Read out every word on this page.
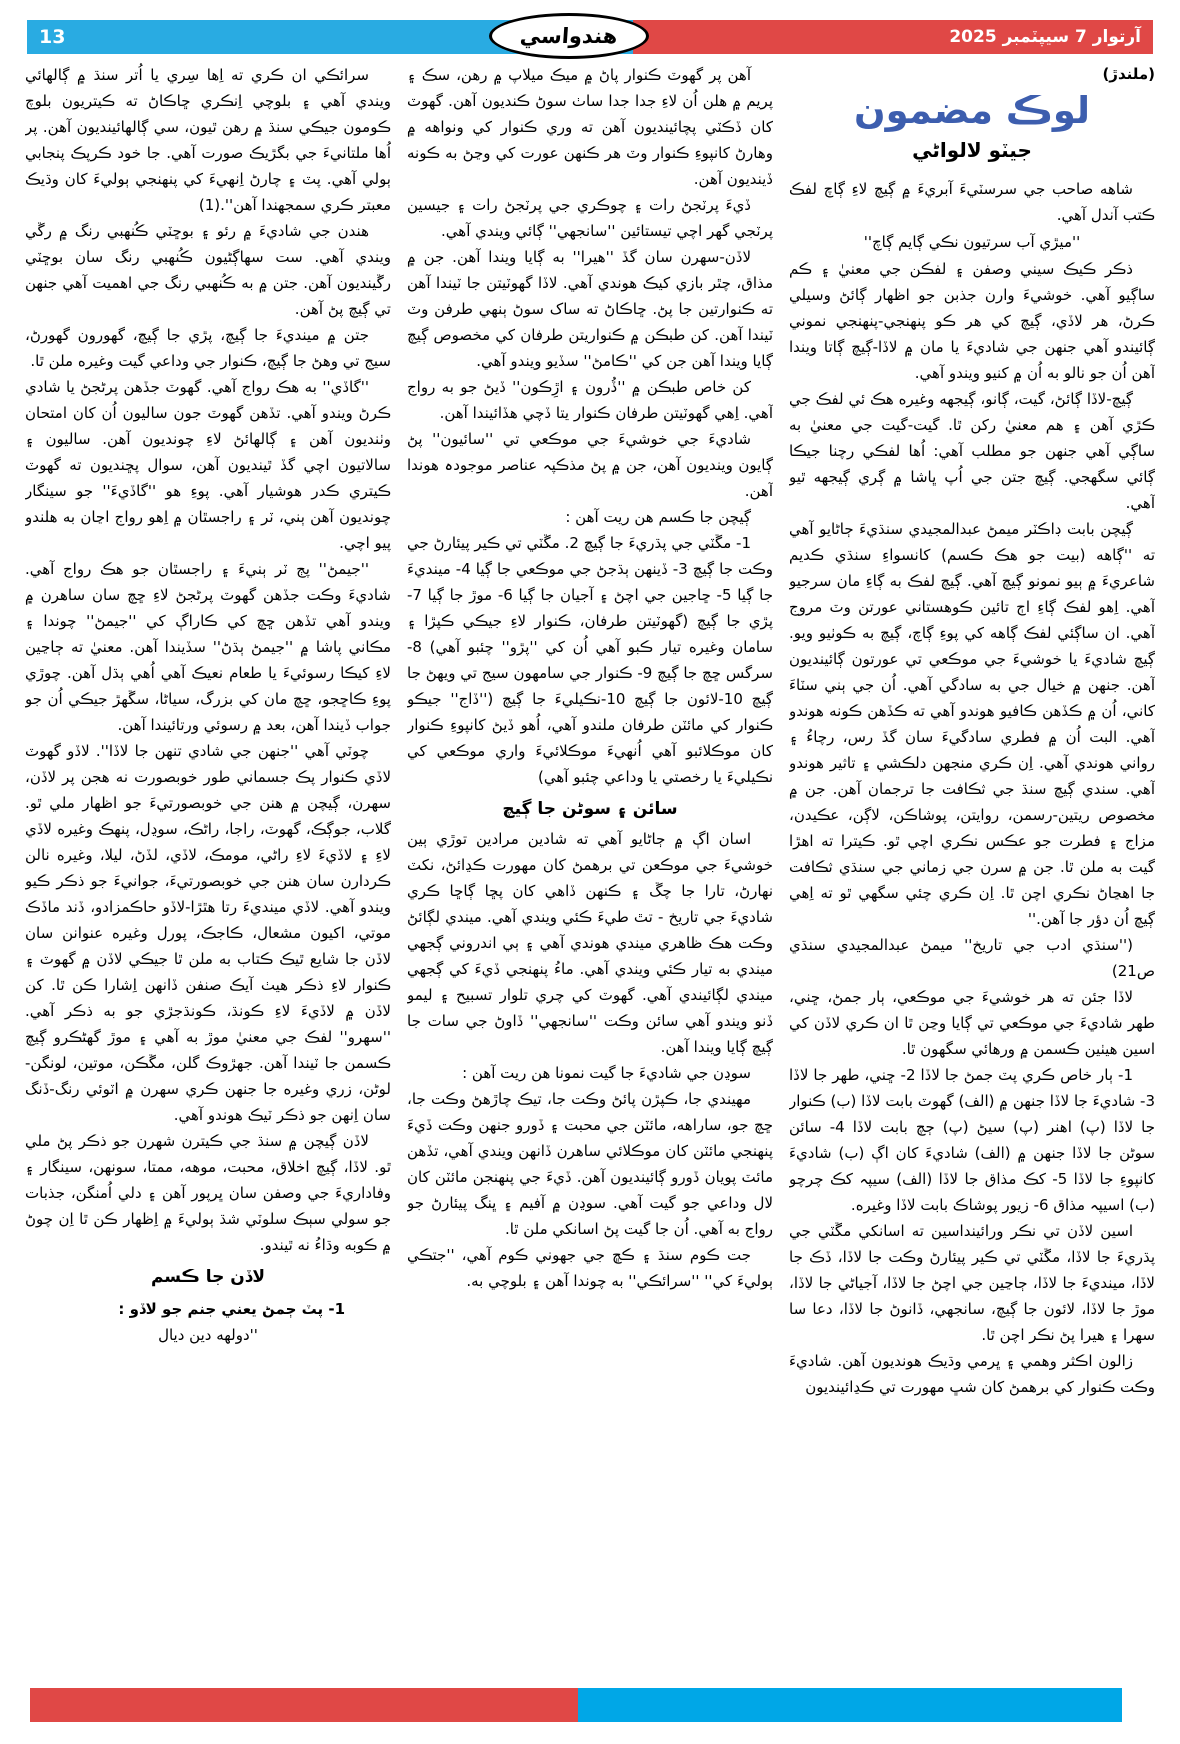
13	آرتوار 7 سيپٽمبر 2025
هندواسي
(ملندڙ)
لوڪ مضمون
جيٽو لالواڻي
شاهه صاحب جي سرسٽيءَ آبريءَ ۾ ڳيچ لاءِ ڳاچ لفڪ ڪتب آندل آهي.
''ميڙي آب سرتيون نڪي ڳايم ڳاچ''
ذڪر ڪيڪ سيني وصفن ۽ لفڪن جي معنيٰ ۽ ڪم ساڳيو آهي. خوشيءَ وارن جذبن جو اظهار ڳائڻ وسيلي ڪرڻ، هر لاڏي، ڳيچ کي هر ڪو پنهنجي-پنهنجي نموني ڳائيندو آهي جنهن جي شاديءَ يا مان ۾ لاڏا-ڳيچ ڳاتا ويندا آهن اُن جو نالو به اُن ۾ کنيو ويندو آهي.
ڳيچ-لاڏا ڳائڻ، گيت، ڳانو، ڳيجهه وغيره هڪ ئي لفڪ جي ڪڙي آهن ۽ هم معنيٰ رکن ٿا. گيت-گيت جي معنيٰ به ساڳي آهي جنهن جو مطلب آهي: اُها لفڪي رچنا جيڪا ڳائي سگهجي. ڳيچ جتن جي اُپ ڀاشا ۾ ڳري ڳيجهه ٿيو آهي.
ڳيچن بابت ڊاڪٽر ميمڻ عبدالمجيدي سنڌيءَ ڄاڻايو آهي ته ''ڳاهه (بيت جو هڪ ڪسم) کانسواءِ سنڌي ڪديم شاعريءَ ۾ ٻيو نمونو ڳيچ آهي. ڳيچ لفڪ به ڳاءِ مان سرجيو آهي. اِهو لفڪ ڳاءِ اڄ تائين ڪوهستاني عورتن وٽ مروج آهي. ان ساڳئي لفڪ ڳاهه کي پوءِ ڳاچ، ڳيچ به ڪوٺيو ويو. ڳيچ شاديءَ يا خوشيءَ جي موڪعي تي عورتون ڳائينديون آهن. جنهن ۾ خيال جي به سادگي آهي. اُن جي ٻني سٽاءَ کاني، اُن ۾ ڪڏهن ڪافيو هوندو آهي ته ڪڏهن ڪونه هوندو آهي. البت اُن ۾ فطري سادگيءَ سان گڏ رس، رچاءُ ۽ رواني هوندي آهي. اِن ڪري منجهن دلڪشي ۽ تاثير هوندو آهي. سندي ڳيچ سنڌ جي ثڪافت جا ترجمان آهن. جن ۾ مخصوص ريتين-رسمن، روايتن، پوشاڪن، لاڳن، عڪيدن، مزاج ۽ فطرت جو عڪس نڪري اچي ٿو. ڪيترا ته اهڙا گيت به ملن ٿا. جن ۾ سرن جي زماني جي سنڌي ثڪافت جا اهڃاڻ نڪري اچن ٿا. اِن ڪري چئي سگهي ٿو ته اِهي ڳيچ اُن دؤر جا آهن.''
(''سنڌي ادب جي تاريخ'' ميمڻ عبدالمجيدي سنڌي ص21)
لاڏا جئن ته هر خوشيءَ جي موڪعي، ٻار جمڻ، ڇني، طهر شاديءَ جي موڪعي تي ڳايا وڃن ٿا ان ڪري لاڏن کي اسين هيٺين ڪسمن ۾ ورهائي سگهون ٿا.
1- ٻار خاص ڪري پٽ جمڻ جا لاڏا 2- ڇني، طهر جا لاڏا 3- شاديءَ جا لاڏا جنهن ۾ (الف) گهوٽ بابت لاڏا (ب) ڪنوار جا لاڏا (پ) اهنر (پ) سيڻ (پ) ڄچ بابت لاڏا 4- سائن سوڻن جا لاڏا جنهن ۾ (الف) شاديءَ کان اڳ (ب) شاديءَ کانپوءِ جا لاڏا 5- کڪ مذاق جا لاڏا (الف) سيپہ کڪ چرچو (ب) اسيپہ مذاق 6- زيور پوشاڪ بابت لاڏا وغيره.
اسين لاڏن تي نڪر ورائينداسين ته اسانکي مڱٽي جي پڌريءَ جا لاڏا، مڱٽي تي ڪير پيئارڻ وڪت جا لاڏا، ڏڪ جا لاڏا، مينديءَ جا لاڏا، ڄاڃين جي اچڻ جا لاڏا، آجياڻي جا لاڏا، موڙ جا لاڏا، لائون جا ڳيچ، سانجهي، ڏانوڻ جا لاڏا، دعا سا سهرا ۽ هيرا پڻ نڪر اچن ٿا.
زالون اڪثر وهمي ۽ ڀرمي وڌيڪ هونديون آهن. شاديءَ وڪت ڪنوار کي برهمڻ کان شڀ مهورت تي ڪڍائينديون
آهن پر گهوٽ ڪنوار پاڻ ۾ ميڪ ميلاپ ۾ رهن، سڪ ۽ پريم ۾ هلن اُن لاءِ جدا جدا ساٺ سوڻ ڪنديون آهن. گهوٽ کان ڏڪٽي پچائينديون آهن ته وري ڪنوار کي ونواهه ۾ وهارڻ کانپوءِ ڪنوار وٽ هر ڪنهن عورت کي وڃڻ به ڪونه ڏينديون آهن.
ڏيءَ پرٽجڻ رات ۽ چوڪري جي پرٽجڻ رات ۽ جيسين پرٽجي گهر اچي تيستائين ''سانجهي'' ڳائي ويندي آهي.
لاڏن-سهرن سان گڏ ''هيرا'' به ڳايا ويندا آهن. جن ۾ مذاق، چٿر بازي کيڪ هوندي آهي. لاڏا گهوٽيتن جا ٽيندا آهن ته ڪنوارتين جا پڻ. ڇاڪاڻ ته ساک سوڻ ٻنهي طرفن وٽ ٽيندا آهن. کن طبڪن ۾ ڪنواريتن طرفان کي مخصوص ڳيچ ڳايا ويندا آهن جن کي ''ڪامڻ'' سڏيو ويندو آهي.
کن خاص طبڪن ۾ ''ڏُرون ۽ اڙِڪون'' ڏيڻ جو به رواج آهي. اِهي گهوٽيتن طرفان ڪنوار يتا ڏچي هڏائيندا آهن.
شاديءَ جي خوشيءَ جي موڪعي تي ''سائيون'' پڻ ڳايون وينديون آهن، جن ۾ پڻ مذڪپہ عناصر موجودہ هوندا آهن.
ڳيچن جا ڪسم هن ريت آهن :
1- مڱٽي جي پڌريءَ جا ڳيچ 2. مڱٽي تي ڪير پيئارڻ جي وڪت جا ڳيچ 3- ڏينهن ٻڌجڻ جي موڪعي جا ڳيا 4- مينديءَ جا ڳيا 5- ڇاجين جي اچڻ ۽ آجيان جا ڳيا 6- موڙ جا ڳيا 7- پڙي جا ڳيچ (گهوٽيتن طرفان، ڪنوار لاءِ جيڪي ڪپڙا ۽ سامان وغيره تيار ڪبو آهي اُن کي ''پڙو'' چئبو آهي) 8- سرگس ڇچ جا ڳيچ 9- ڪنوار جي سامهون سيج تي ويهڻ جا ڳيچ 10-لائون جا ڳيچ 10-نڪيليءَ جا ڳيچ (''ڏاج'' جيڪو ڪنوار کي مائٽن طرفان ملندو آهي، اُهو ڏيڻ کانپوءِ ڪنوار کان موڪلائبو آهي اُنهيءَ موڪلائيءَ واري موڪعي کي نڪيليءَ يا رخصتي يا وداعي چئبو آهي)
سائن ۽ سوڻن جا ڳيچ
اسان اڳ ۾ ڄاڻايو آهي ته شادين مرادين توڙي ٻين خوشيءَ جي موڪعن تي برهمڻ کان مهورت ڪڍائڻ، نکٽ نهارڻ، تارا جا چڱ ۽ ڪنهن ڏاهي کان پڇا ڳاڇا ڪري شاديءَ جي تاريخ - تٿ طيءَ ڪئي ويندي آهي. ميندي لڳائڻ وڪت هڪ ظاهري ميندي هوندي آهي ۽ ٻي اندروني ڳجهي ميندي به تيار ڪئي ويندي آهي. ماءُ پنهنجي ڏيءَ کي ڳجهي ميندي لڳائيندي آهي. گهوٽ کي چري تلوار تسبيح ۽ ليمو ڏنو ويندو آهي سائن وڪت ''سانجهي'' ڏاوڻ جي سات جا ڳيچ ڳايا ويندا آهن.
سوڍن جي شاديءَ جا گيت نمونا هن ريت آهن :
مهيندي جا، ڪپڙن پائڻ وڪت جا، تيڪ چاڙهڻ وڪت جا، ڇچ جو، ساراهه، مائٽن جي محبت ۽ ڏورو جنهن وڪت ڏيءَ پنهنجي مائٽن کان موڪلائي ساهرن ڏانهن ويندي آهي، تڏهن مائٽ پويان ڏورو ڳائينديون آهن. ڏيءَ جي پنهنجن مائٽن کان لال وداعي جو گيت آهي. سوڍن ۾ آفيم ۽ ڀنگ پيئارڻ جو رواج به آهي. اُن جا گيت پڻ اسانکي ملن ٿا.
جت ڪوم سنڌ ۽ ڪڇ جي جهوني ڪوم آهي، ''جتڪي ٻوليءَ کي'' ''سرائڪي'' به چوندا آهن ۽ بلوچي به.
سرائڪي ان ڪري ته اِها سِري يا اُتر سنڌ ۾ ڳالهائي ويندي آهي ۽ بلوچي اِنڪري ڇاڪاڻ ته ڪيتريون بلوچ ڪومون جيڪي سنڌ ۾ رهن ٿيون، سي ڳالهائينديون آهن. پر اُها ملتانيءَ جي بگڙيڪ صورت آهي. جا خود ڪرپڪ پنجابي ٻولي آهي. پٽ ۽ چارڻ اِنهيءَ کي پنهنجي ٻوليءَ کان وڌيڪ معبتر ڪري سمجهندا آهن''.(1)
هندن جي شاديءَ ۾ رئو ۽ بوڇٽي ڪُنهبي رنگ ۾ رڱي ويندي آهي. ست سهاڳڻيون ڪُنهبي رنگ سان بوڇٽي رڱينديون آهن. جتن ۾ به ڪُنهبي رنگ جي اهميت آهي جنهن تي ڳيچ پڻ آهن.
جتن ۾ مينديءَ جا ڳيچ، پڙي جا ڳيچ، گهورون گهورڻ، سيج تي وهڻ جا ڳيچ، ڪنوار جي وداعي گيت وغيره ملن ٿا.
''گاڏي'' به هڪ رواج آهي. گهوٽ جڏهن پرڻجڻ يا شادي ڪرڻ ويندو آهي. تڏهن گهوٽ جون ساليون اُن کان امتحان وٺنديون آهن ۽ ڳالهائڻ لاءِ چونديون آهن. ساليون ۽ سالاتيون اچي گڏ ٿينديون آهن، سوال پڇنديون ته گهوٽ ڪيتري ڪدر هوشيار آهي. پوءِ هو ''گاڏيءَ'' جو سينگار چونديون آهن ٻني، ٽر ۽ راجسٿان ۾ اِهو رواج اڃان به هلندو پيو اچي.
''جيمڻ'' پڄ ٽر ٻنيءَ ۽ راجسٿان جو هڪ رواج آهي. شاديءَ وڪت جڏهن گهوٽ پرڻجڻ لاءِ ڇچ سان ساهرن ۾ ويندو آهي تڏهن ڇچ کي ڪاراڳ کي ''جيمڻ'' چوندا ۽ مڪاني پاشا ۾ ''جيمڻ ٻڌڻ'' سڏيندا آهن. معنيٰ ته ڄاڃين لاءِ کيڪا رسوئيءَ يا طعام نعيڪ آهي اُهي ٻڌل آهن. چوڙي پوءِ ڪاڇجو، ڇچ مان کي بزرگ، سياڻا، سڱهڙ جيڪي اُن جو جواب ڏيندا آهن، بعد ۾ رسوئي ورتائيندا آهن.
چوٽي آهي ''جنهن جي شادي تنهن جا لاڏا''. لاڏو گهوٽ لاڏي ڪنوار پڪ جسماني طور خوبصورت نه هجن پر لاڏن، سهرن، ڳيچن ۾ هنن جي خوبصورتيءَ جو اظهار ملي ٿو. گلاب، جوڳڪ، گهوٽ، راجا، راڻڪ، سوڍل، پنهڪ وغيره لاڏي لاءِ ۽ لاڏيءَ لاءِ راڻي، مومڪ، لاڏي، لڏڻ، ليلا، وغيره نالن ڪردارن سان هنن جي خوبصورتيءَ، جوانيءَ جو ذڪر ڪيو ويندو آهي. لاڏي مينديءَ رتا هٿڙا-لاڏو حاڪمزادو، ڏند ماڏڪ موتي، اکيون مشعال، ڪاجڪ، پورل وغيره عنوانن سان لاڏن جا شايع ٿيڪ ڪتاب به ملن ٿا جيڪي لاڏن ۾ گهوٽ ۽ ڪنوار لاءِ ذڪر هيٺ آيڪ صنفن ڏانهن اِشارا ڪن ٿا. کن لاڏن ۾ لاڏيءَ لاءِ ڪونڌ، ڪونڌجڙي جو به ذڪر آهي. ''سهرو'' لفڪ جي معنيٰ موڙ به آهي ۽ موڙ گهڻڪرو ڳيچ ڪسمن جا ٽيندا آهن. جهڙوڪ گلن، مڱڪن، موتين، لونگن-لوڻن، زري وغيره جا جنهن ڪري سهرن ۾ اٽوئي رنگ-ڏنگ سان اِنهن جو ذڪر ٽيڪ هوندو آهي.
لاڏن ڳيچن ۾ سنڌ جي ڪيترن شهرن جو ذڪر پڻ ملي ٿو. لاڏا، ڳيچ اخلاق، محبت، موهه، ممتا، سونهن، سينگار ۽ وفاداريءَ جي وصفن سان ڀرپور آهن ۽ دلي اُمنگن، جذبات جو سولي سٻڪ سلوٽي شڌ ٻوليءَ ۾ اِظهار ڪن ٿا اِن چوڻ ۾ ڪوبه وڌاءُ نه ٿيندو.
لاڏن جا ڪسم
1- پٽ ڄمڻ يعني جنم جو لاڏو :
''دولهه دين ديال
